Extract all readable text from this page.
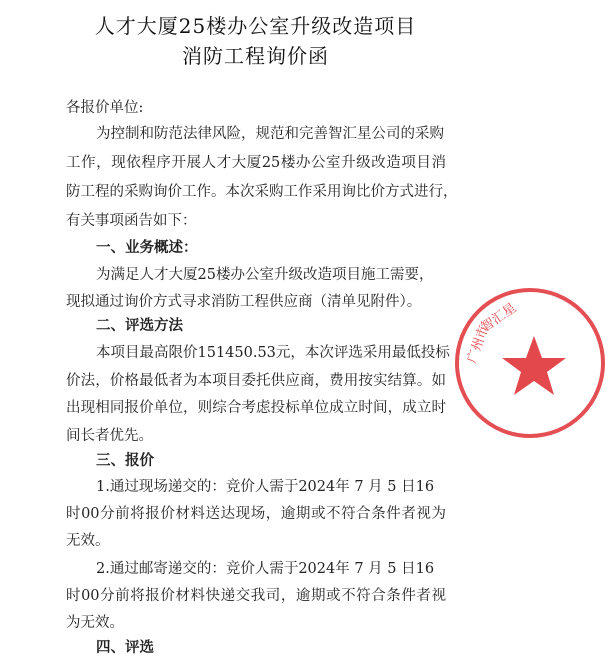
人才大厦25楼办公室升级改造项目
消防工程询价函
各报价单位:
为控制和防范法律风险，规范和完善智汇星公司的采购
工作，现依程序开展人才大厦25楼办公室升级改造项目消
防工程的采购询价工作。本次采购工作采用询比价方式进行，
有关事项函告如下：
一、业务概述：
为满足人才大厦25楼办公室升级改造项目施工需要，
现拟通过询价方式寻求消防工程供应商（清单见附件）。
二、评选方法
本项目最高限价151450.53元，本次评选采用最低投标
价法，价格最低者为本项目委托供应商，费用按实结算。如
出现相同报价单位，则综合考虑投标单位成立时间，成立时
间长者优先。
三、报价
1.通过现场递交的：竞价人需于2024年 7 月 5 日16
时00分前将报价材料送达现场，逾期或不符合条件者视为
无效。
2.通过邮寄递交的：竞价人需于2024年 7 月 5 日16
时00分前将报价材料快递交我司，逾期或不符合条件者视
为无效。
四、评选
广州市
智汇星
